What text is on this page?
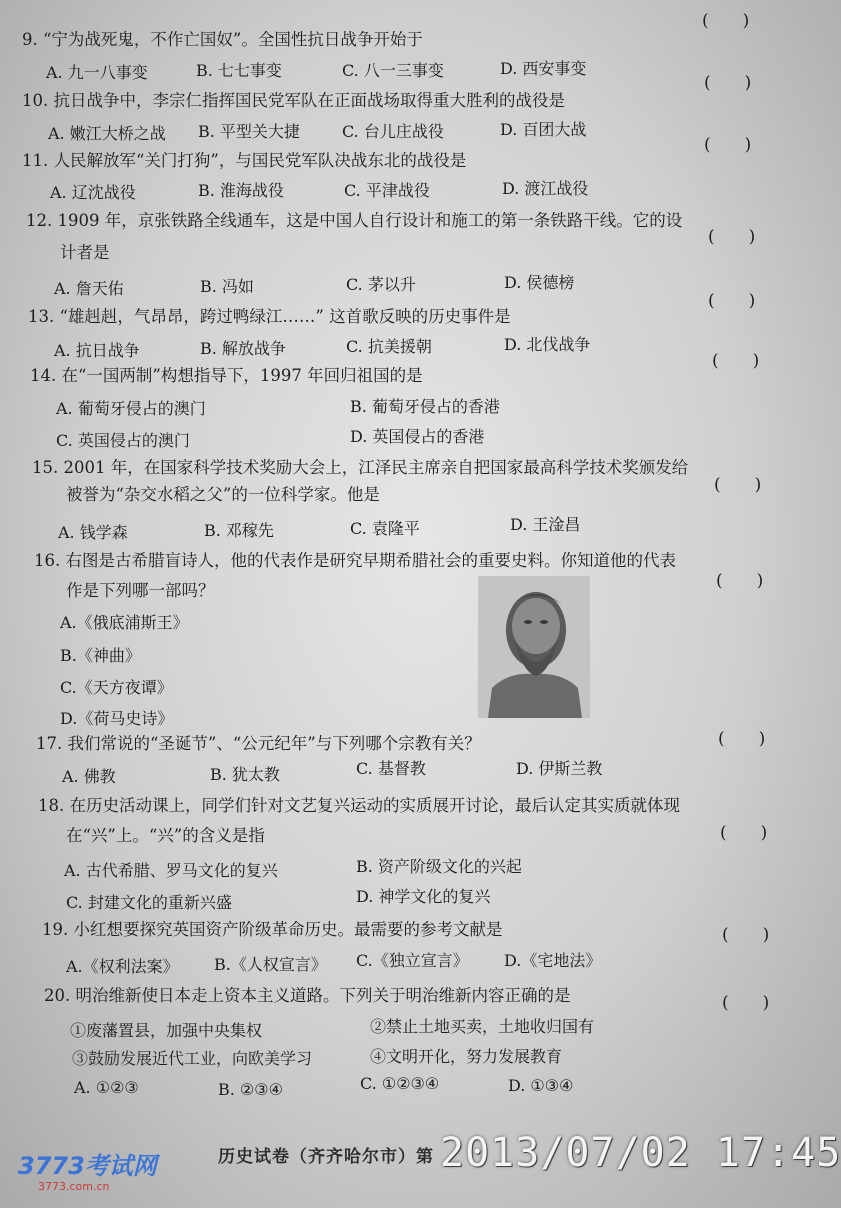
(　　)
9. “宁为战死鬼，不作亡国奴”。全国性抗日战争开始于
A. 九一八事变	B. 七七事变	C. 八一三事变	D. 西安事变
(　　)
10. 抗日战争中，李宗仁指挥国民党军队在正面战场取得重大胜利的战役是
A. 嫩江大桥之战 B. 平型关大捷	C. 台儿庄战役	D. 百团大战
(　　)
11. 人民解放军“关门打狗”，与国民党军队决战东北的战役是
A. 辽沈战役	B. 淮海战役	C. 平津战役	D. 渡江战役
12. 1909 年，京张铁路全线通车，这是中国人自行设计和施工的第一条铁路干线。它的设
计者是
(　　)
A. 詹天佑	B. 冯如	C. 茅以升	D. 侯德榜
13. “雄赳赳，气昂昂，跨过鸭绿江……” 这首歌反映的历史事件是
(　　)
A. 抗日战争	B. 解放战争	C. 抗美援朝	D. 北伐战争
14. 在“一国两制”构想指导下，1997 年回归祖国的是
(　　)
A. 葡萄牙侵占的澳门	B. 葡萄牙侵占的香港
C. 英国侵占的澳门	D. 英国侵占的香港
15. 2001 年，在国家科学技术奖励大会上，江泽民主席亲自把国家最高科学技术奖颁发给
被誉为“杂交水稻之父”的一位科学家。他是	(　　)
A. 钱学森	B. 邓稼先	C. 袁隆平	D. 王淦昌
16. 右图是古希腊盲诗人，他的代表作是研究早期希腊社会的重要史料。你知道他的代表
作是下列哪一部吗？	(　　)
A.《俄底浦斯王》
B.《神曲》
C.《天方夜谭》
D.《荷马史诗》
17. 我们常说的“圣诞节”、“公元纪年”与下列哪个宗教有关？	(　　)
A. 佛教	B. 犹太教	C. 基督教	D. 伊斯兰教
18. 在历史活动课上，同学们针对文艺复兴运动的实质展开讨论，最后认定其实质就体现
在“兴”上。“兴”的含义是指	(　　)
A. 古代希腊、罗马文化的复兴	B. 资产阶级文化的兴起
C. 封建文化的重新兴盛	D. 神学文化的复兴
19. 小红想要探究英国资产阶级革命历史。最需要的参考文献是	(　　)
A.《权利法案》 B.《人权宣言》 C.《独立宣言》 D.《宅地法》
20. 明治维新使日本走上资本主义道路。下列关于明治维新内容正确的是	(　　)
①废藩置县，加强中央集权	②禁止土地买卖，土地收归国有
③鼓励发展近代工业，向欧美学习	④文明开化，努力发展教育
A. ①②③	B. ②③④	C. ①②③④	D. ①③④
历史试卷（齐齐哈尔市）第 2013/07/02 17:45
3773考试网
3773.com.cn
